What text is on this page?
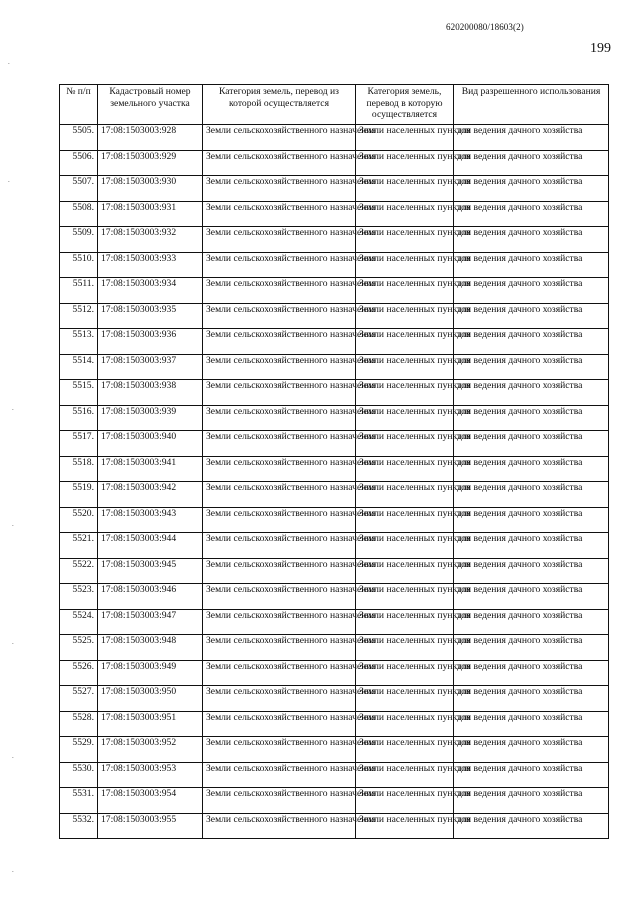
620200080/18603(2)
199
.
.
.
.
.
.
.
№ п/п	Кадастровый номер земельного участка	Категория земель, перевод из которой осуществляется	Категория земель, перевод в которую осуществляется	Вид разрешенного использования
5505.	17:08:1503003:928	Земли сельскохозяйственного назначения	Земли населенных пунктов	для ведения дачного хозяйства
5506.	17:08:1503003:929	Земли сельскохозяйственного назначения	Земли населенных пунктов	для ведения дачного хозяйства
5507.	17:08:1503003:930	Земли сельскохозяйственного назначения	Земли населенных пунктов	для ведения дачного хозяйства
5508.	17:08:1503003:931	Земли сельскохозяйственного назначения	Земли населенных пунктов	для ведения дачного хозяйства
5509.	17:08:1503003:932	Земли сельскохозяйственного назначения	Земли населенных пунктов	для ведения дачного хозяйства
5510.	17:08:1503003:933	Земли сельскохозяйственного назначения	Земли населенных пунктов	для ведения дачного хозяйства
5511.	17:08:1503003:934	Земли сельскохозяйственного назначения	Земли населенных пунктов	для ведения дачного хозяйства
5512.	17:08:1503003:935	Земли сельскохозяйственного назначения	Земли населенных пунктов	для ведения дачного хозяйства
5513.	17:08:1503003:936	Земли сельскохозяйственного назначения	Земли населенных пунктов	для ведения дачного хозяйства
5514.	17:08:1503003:937	Земли сельскохозяйственного назначения	Земли населенных пунктов	для ведения дачного хозяйства
5515.	17:08:1503003:938	Земли сельскохозяйственного назначения	Земли населенных пунктов	для ведения дачного хозяйства
5516.	17:08:1503003:939	Земли сельскохозяйственного назначения	Земли населенных пунктов	для ведения дачного хозяйства
5517.	17:08:1503003:940	Земли сельскохозяйственного назначения	Земли населенных пунктов	для ведения дачного хозяйства
5518.	17:08:1503003:941	Земли сельскохозяйственного назначения	Земли населенных пунктов	для ведения дачного хозяйства
5519.	17:08:1503003:942	Земли сельскохозяйственного назначения	Земли населенных пунктов	для ведения дачного хозяйства
5520.	17:08:1503003:943	Земли сельскохозяйственного назначения	Земли населенных пунктов	для ведения дачного хозяйства
5521.	17:08:1503003:944	Земли сельскохозяйственного назначения	Земли населенных пунктов	для ведения дачного хозяйства
5522.	17:08:1503003:945	Земли сельскохозяйственного назначения	Земли населенных пунктов	для ведения дачного хозяйства
5523.	17:08:1503003:946	Земли сельскохозяйственного назначения	Земли населенных пунктов	для ведения дачного хозяйства
5524.	17:08:1503003:947	Земли сельскохозяйственного назначения	Земли населенных пунктов	для ведения дачного хозяйства
5525.	17:08:1503003:948	Земли сельскохозяйственного назначения	Земли населенных пунктов	для ведения дачного хозяйства
5526.	17:08:1503003:949	Земли сельскохозяйственного назначения	Земли населенных пунктов	для ведения дачного хозяйства
5527.	17:08:1503003:950	Земли сельскохозяйственного назначения	Земли населенных пунктов	для ведения дачного хозяйства
5528.	17:08:1503003:951	Земли сельскохозяйственного назначения	Земли населенных пунктов	для ведения дачного хозяйства
5529.	17:08:1503003:952	Земли сельскохозяйственного назначения	Земли населенных пунктов	для ведения дачного хозяйства
5530.	17:08:1503003:953	Земли сельскохозяйственного назначения	Земли населенных пунктов	для ведения дачного хозяйства
5531.	17:08:1503003:954	Земли сельскохозяйственного назначения	Земли населенных пунктов	для ведения дачного хозяйства
5532.	17:08:1503003:955	Земли сельскохозяйственного назначения	Земли населенных пунктов	для ведения дачного хозяйства
